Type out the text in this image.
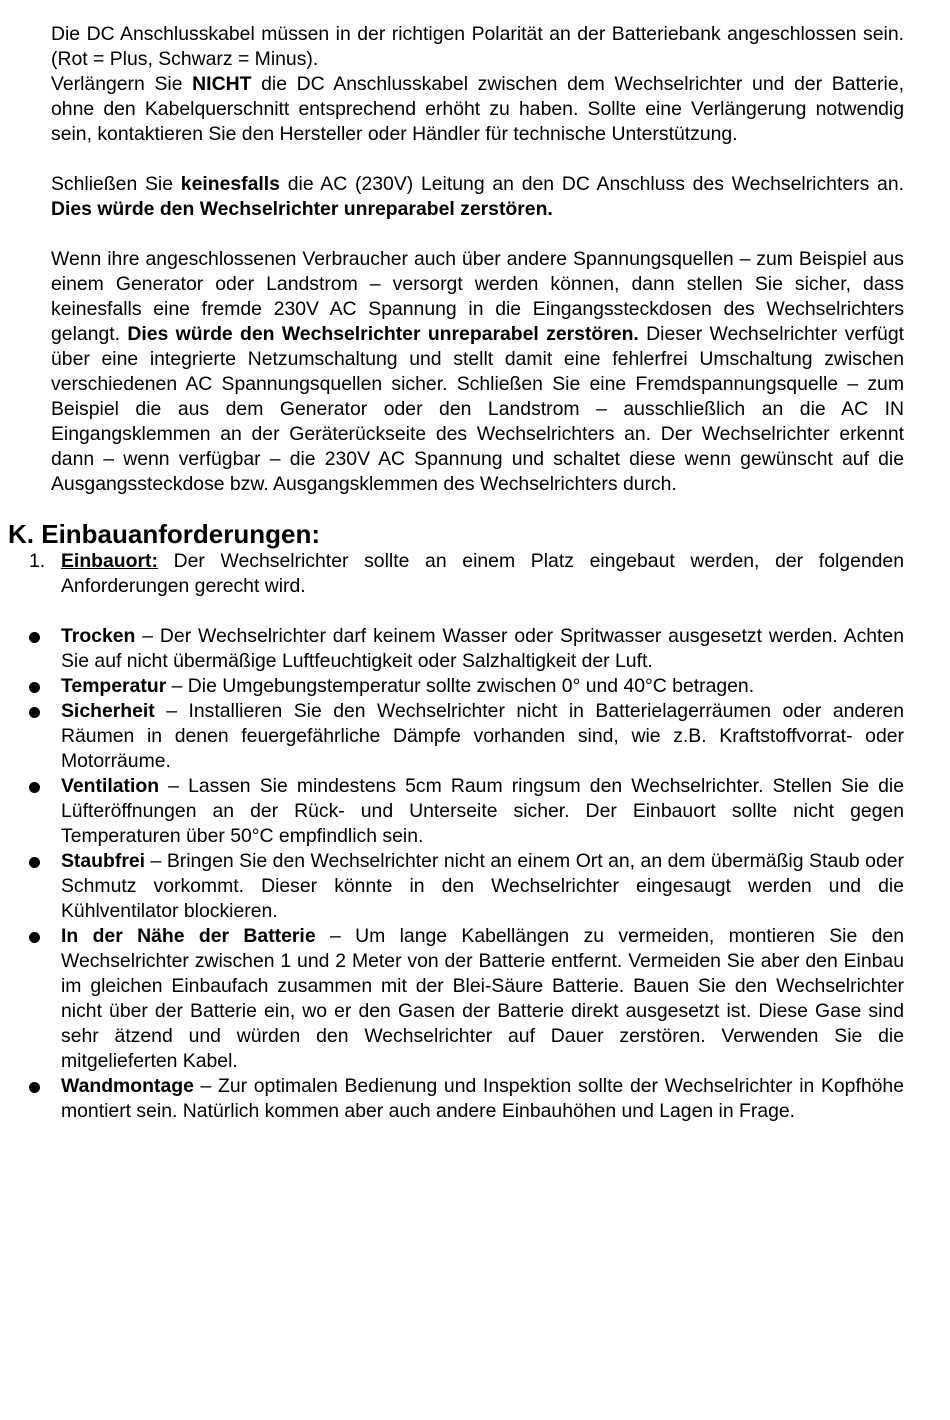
Die DC Anschlusskabel müssen in der richtigen Polarität an der Batteriebank angeschlossen sein. (Rot = Plus, Schwarz = Minus).
Verlängern Sie NICHT die DC Anschlusskabel zwischen dem Wechselrichter und der Batterie, ohne den Kabelquerschnitt entsprechend erhöht zu haben. Sollte eine Verlängerung notwendig sein, kontaktieren Sie den Hersteller oder Händler für technische Unterstützung.

Schließen Sie keinesfalls die AC (230V) Leitung an den DC Anschluss des Wechselrichters an. Dies würde den Wechselrichter unreparabel zerstören.

Wenn ihre angeschlossenen Verbraucher auch über andere Spannungsquellen – zum Beispiel aus einem Generator oder Landstrom – versorgt werden können, dann stellen Sie sicher, dass keinesfalls eine fremde 230V AC Spannung in die Eingangssteckdosen des Wechselrichters gelangt. Dies würde den Wechselrichter unreparabel zerstören. Dieser Wechselrichter verfügt über eine integrierte Netzumschaltung und stellt damit eine fehlerfrei Umschaltung zwischen verschiedenen AC Spannungsquellen sicher. Schließen Sie eine Fremdspannungsquelle – zum Beispiel die aus dem Generator oder den Landstrom – ausschließlich an die AC IN Eingangsklemmen an der Geräterückseite des Wechselrichters an. Der Wechselrichter erkennt dann – wenn verfügbar – die 230V AC Spannung und schaltet diese wenn gewünscht auf die Ausgangssteckdose bzw. Ausgangsklemmen des Wechselrichters durch.

K. Einbauanforderungen:

1. Einbauort: Der Wechselrichter sollte an einem Platz eingebaut werden, der folgenden Anforderungen gerecht wird.

Trocken – Der Wechselrichter darf keinem Wasser oder Spritwasser ausgesetzt werden. Achten Sie auf nicht übermäßige Luftfeuchtigkeit oder Salzhaltigkeit der Luft.
Temperatur – Die Umgebungstemperatur sollte zwischen 0° und 40°C betragen.
Sicherheit – Installieren Sie den Wechselrichter nicht in Batterielagerräumen oder anderen Räumen in denen feuergefährliche Dämpfe vorhanden sind, wie z.B. Kraftstoffvorrat- oder Motorräume.
Ventilation – Lassen Sie mindestens 5cm Raum ringsum den Wechselrichter. Stellen Sie die Lüfteröffnungen an der Rück- und Unterseite sicher. Der Einbauort sollte nicht gegen Temperaturen über 50°C empfindlich sein.
Staubfrei – Bringen Sie den Wechselrichter nicht an einem Ort an, an dem übermäßig Staub oder Schmutz vorkommt. Dieser könnte in den Wechselrichter eingesaugt werden und die Kühlventilator blockieren.
In der Nähe der Batterie – Um lange Kabellängen zu vermeiden, montieren Sie den Wechselrichter zwischen 1 und 2 Meter von der Batterie entfernt. Vermeiden Sie aber den Einbau im gleichen Einbaufach zusammen mit der Blei-Säure Batterie. Bauen Sie den Wechselrichter nicht über der Batterie ein, wo er den Gasen der Batterie direkt ausgesetzt ist. Diese Gase sind sehr ätzend und würden den Wechselrichter auf Dauer zerstören. Verwenden Sie die mitgelieferten Kabel.
Wandmontage – Zur optimalen Bedienung und Inspektion sollte der Wechselrichter in Kopfhöhe montiert sein. Natürlich kommen aber auch andere Einbauhöhen und Lagen in Frage.
